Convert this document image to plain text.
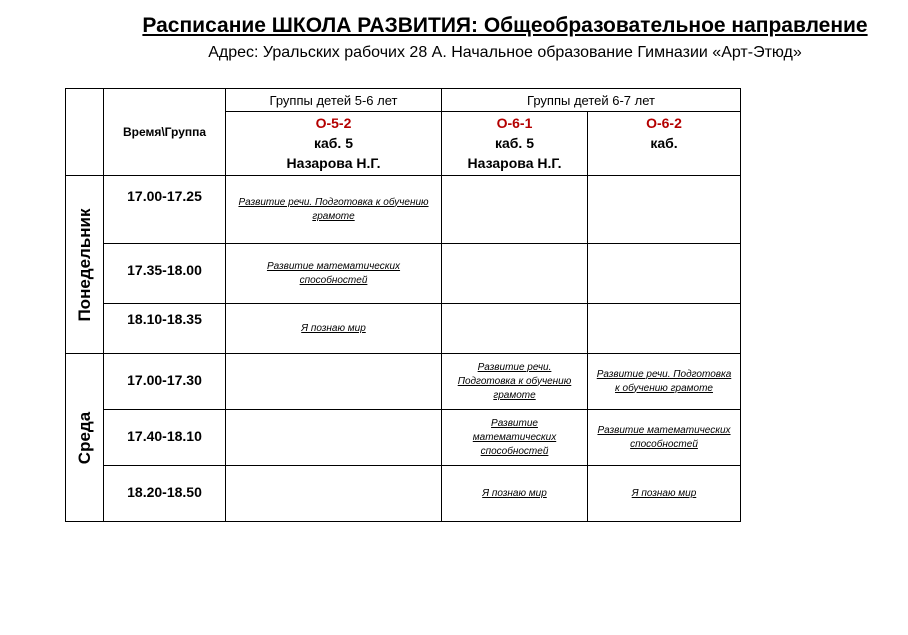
Расписание ШКОЛА РАЗВИТИЯ: Общеобразовательное направление
Адрес: Уральских рабочих 28 А. Начальное образование Гимназии «Арт-Этюд»
	Время\Группа	Группы детей 5-6 лет	Группы детей 6-7 лет	

		О-5-2
каб. 5
Назарова Н.Г.	О-6-1
каб. 5
Назарова Н.Г.	О-6-2
каб.

Понедельник	17.00-17.25	Развитие речи. Подготовка к обучению грамоте		

	17.35-18.00	Развитие математических способностей		

	18.10-18.35	Я познаю мир		

Среда	17.00-17.30		Развитие речи. Подготовка к обучению грамоте	Развитие речи. Подготовка к обучению грамоте

	17.40-18.10		Развитие математических способностей	Развитие математических способностей

	18.20-18.50		Я познаю мир	Я познаю мир
